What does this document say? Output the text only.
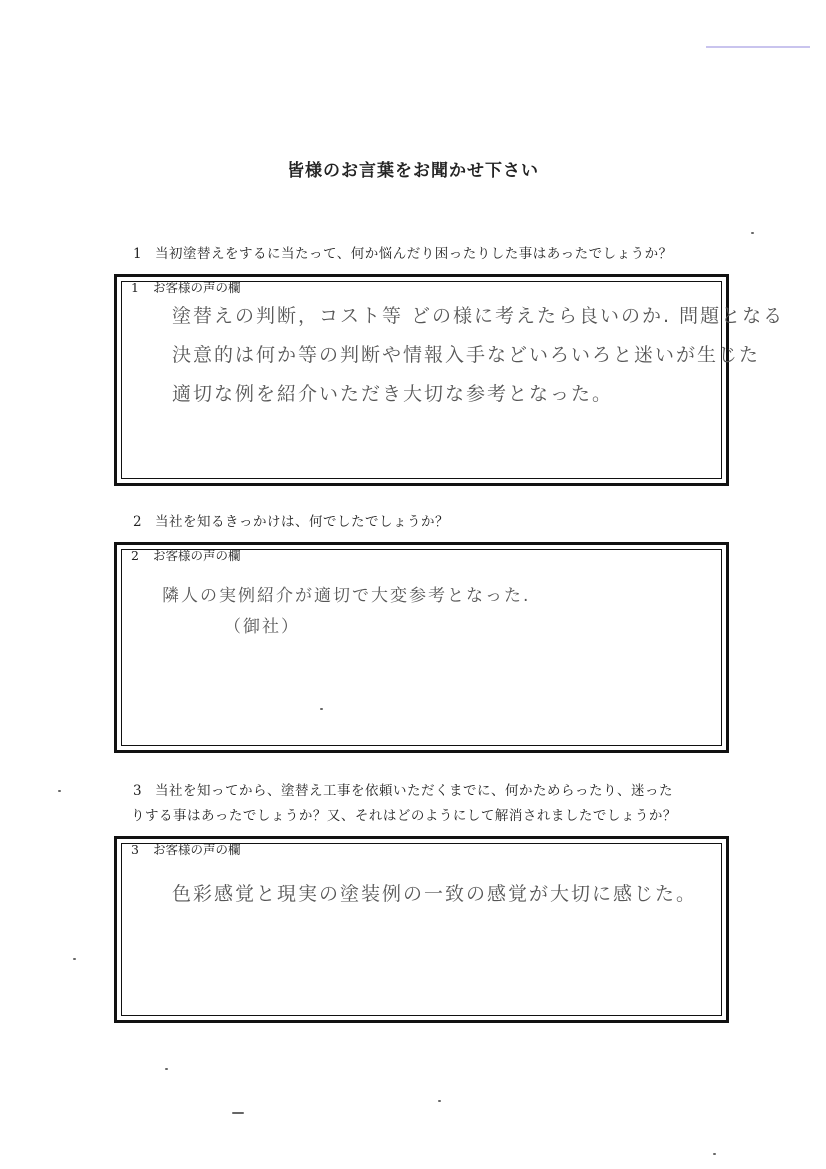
皆様のお言葉をお聞かせ下さい
1 当初塗替えをするに当たって、何か悩んだり困ったりした事はあったでしょうか？
1 お客様の声の欄
塗替えの判断，コスト等 どの様に考えたら良いのか. 問題となる
決意的は何か等の判断や情報入手などいろいろと迷いが生じた
適切な例を紹介いただき大切な参考となった。
2 当社を知るきっかけは、何でしたでしょうか？
2 お客様の声の欄
隣人の実例紹介が適切で大変参考となった.
（御社）
3 当社を知ってから、塗替え工事を依頼いただくまでに、何かためらったり、迷った
りする事はあったでしょうか？又、それはどのようにして解消されましたでしょうか？
3 お客様の声の欄
色彩感覚と現実の塗装例の一致の感覚が大切に感じた。
